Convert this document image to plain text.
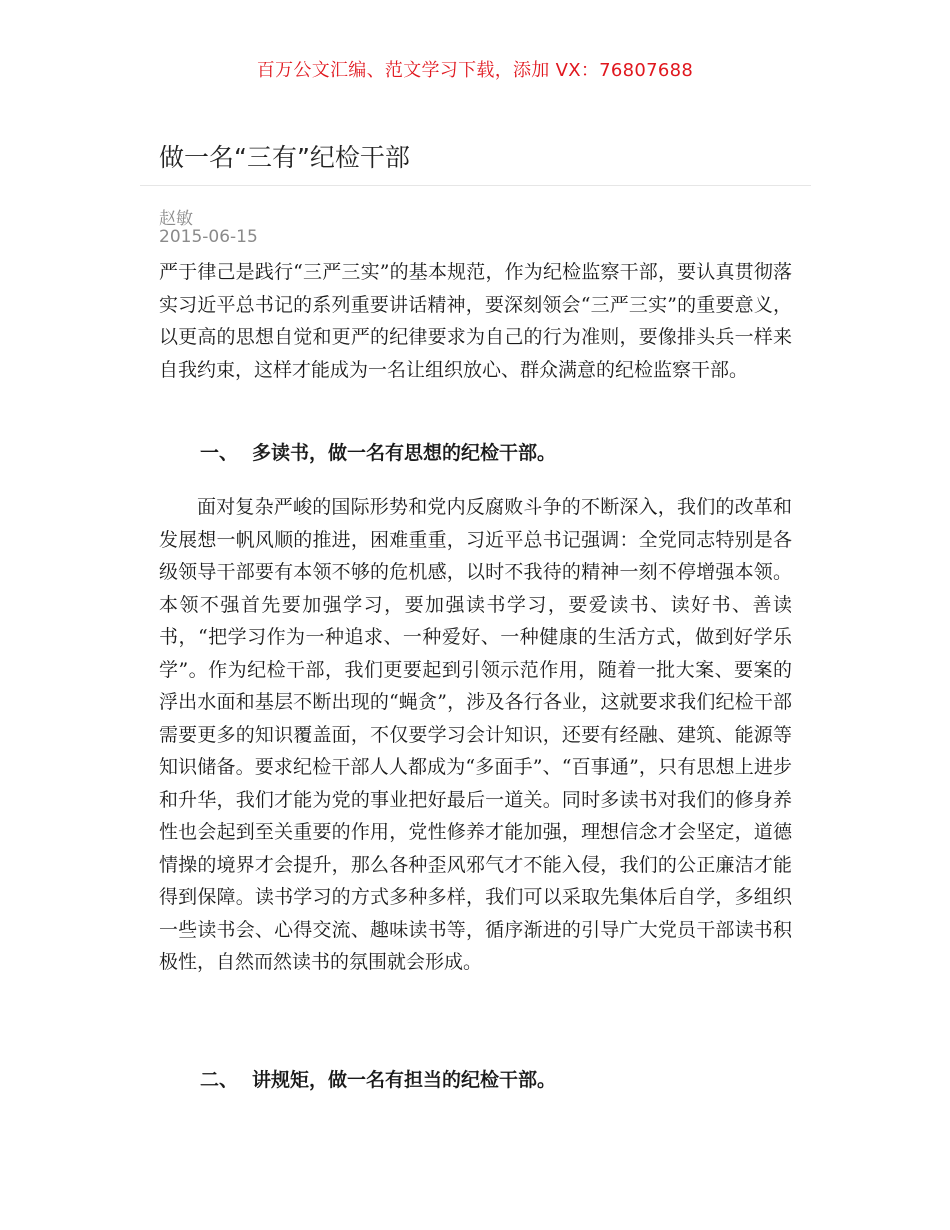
百万公文汇编、范文学习下载，添加 VX：76807688
做一名“三有”纪检干部
赵敏
2015-06-15

严于律己是践行“三严三实”的基本规范，作为纪检监察干部，要认真贯彻落实习近平总书记的系列重要讲话精神，要深刻领会“三严三实”的重要意义，以更高的思想自觉和更严的纪律要求为自己的行为准则，要像排头兵一样来自我约束，这样才能成为一名让组织放心、群众满意的纪检监察干部。

一、 多读书，做一名有思想的纪检干部。

面对复杂严峻的国际形势和党内反腐败斗争的不断深入，我们的改革和发展想一帆风顺的推进，困难重重，习近平总书记强调：全党同志特别是各级领导干部要有本领不够的危机感，以时不我待的精神一刻不停增强本领。本领不强首先要加强学习，要加强读书学习，要爱读书、读好书、善读书，“把学习作为一种追求、一种爱好、一种健康的生活方式，做到好学乐学”。作为纪检干部，我们更要起到引领示范作用，随着一批大案、要案的浮出水面和基层不断出现的“蝇贪”，涉及各行各业，这就要求我们纪检干部需要更多的知识覆盖面，不仅要学习会计知识，还要有经融、建筑、能源等知识储备。要求纪检干部人人都成为“多面手”、“百事通”，只有思想上进步和升华，我们才能为党的事业把好最后一道关。同时多读书对我们的修身养性也会起到至关重要的作用，党性修养才能加强，理想信念才会坚定，道德情操的境界才会提升，那么各种歪风邪气才不能入侵，我们的公正廉洁才能得到保障。读书学习的方式多种多样，我们可以采取先集体后自学，多组织一些读书会、心得交流、趣味读书等，循序渐进的引导广大党员干部读书积极性，自然而然读书的氛围就会形成。

二、 讲规矩，做一名有担当的纪检干部。
